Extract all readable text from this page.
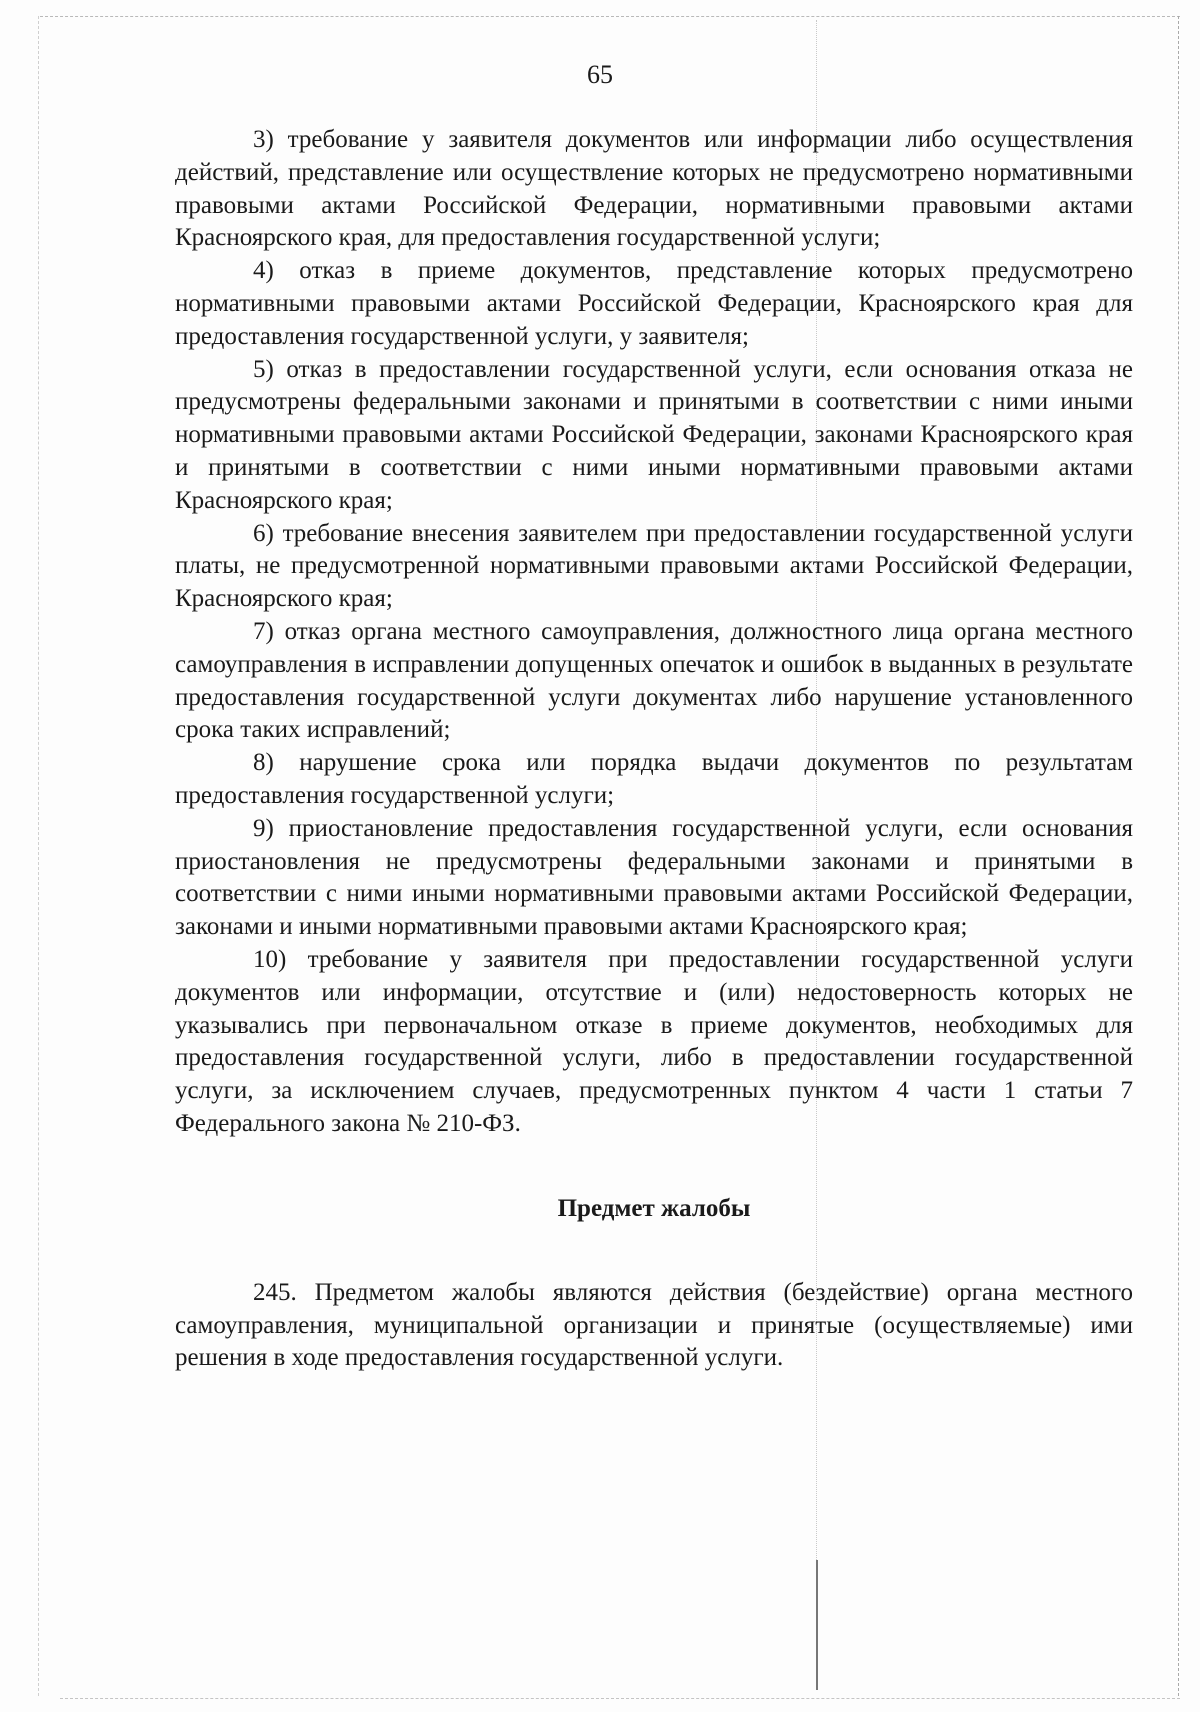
65

3) требование у заявителя документов или информации либо осуществления действий, представление или осуществление которых не предусмотрено нормативными правовыми актами Российской Федерации, нормативными правовыми актами Красноярского края, для предоставления государственной услуги;

4) отказ в приеме документов, представление которых предусмотрено нормативными правовыми актами Российской Федерации, Красноярского края для предоставления государственной услуги, у заявителя;

5) отказ в предоставлении государственной услуги, если основания отказа не предусмотрены федеральными законами и принятыми в соответствии с ними иными нормативными правовыми актами Российской Федерации, законами Красноярского края и принятыми в соответствии с ними иными нормативными правовыми актами Красноярского края;

6) требование внесения заявителем при предоставлении государственной услуги платы, не предусмотренной нормативными правовыми актами Российской Федерации, Красноярского края;

7) отказ органа местного самоуправления, должностного лица органа местного самоуправления в исправлении допущенных опечаток и ошибок в выданных в результате предоставления государственной услуги документах либо нарушение установленного срока таких исправлений;

8) нарушение срока или порядка выдачи документов по результатам предоставления государственной услуги;

9) приостановление предоставления государственной услуги, если основания приостановления не предусмотрены федеральными законами и принятыми в соответствии с ними иными нормативными правовыми актами Российской Федерации, законами и иными нормативными правовыми актами Красноярского края;

10) требование у заявителя при предоставлении государственной услуги документов или информации, отсутствие и (или) недостоверность которых не указывались при первоначальном отказе в приеме документов, необходимых для предоставления государственной услуги, либо в предоставлении государственной услуги, за исключением случаев, предусмотренных пунктом 4 части 1 статьи 7 Федерального закона № 210-ФЗ.

Предмет жалобы

245. Предметом жалобы являются действия (бездействие) органа местного самоуправления, муниципальной организации и принятые (осуществляемые) ими решения в ходе предоставления государственной услуги.
